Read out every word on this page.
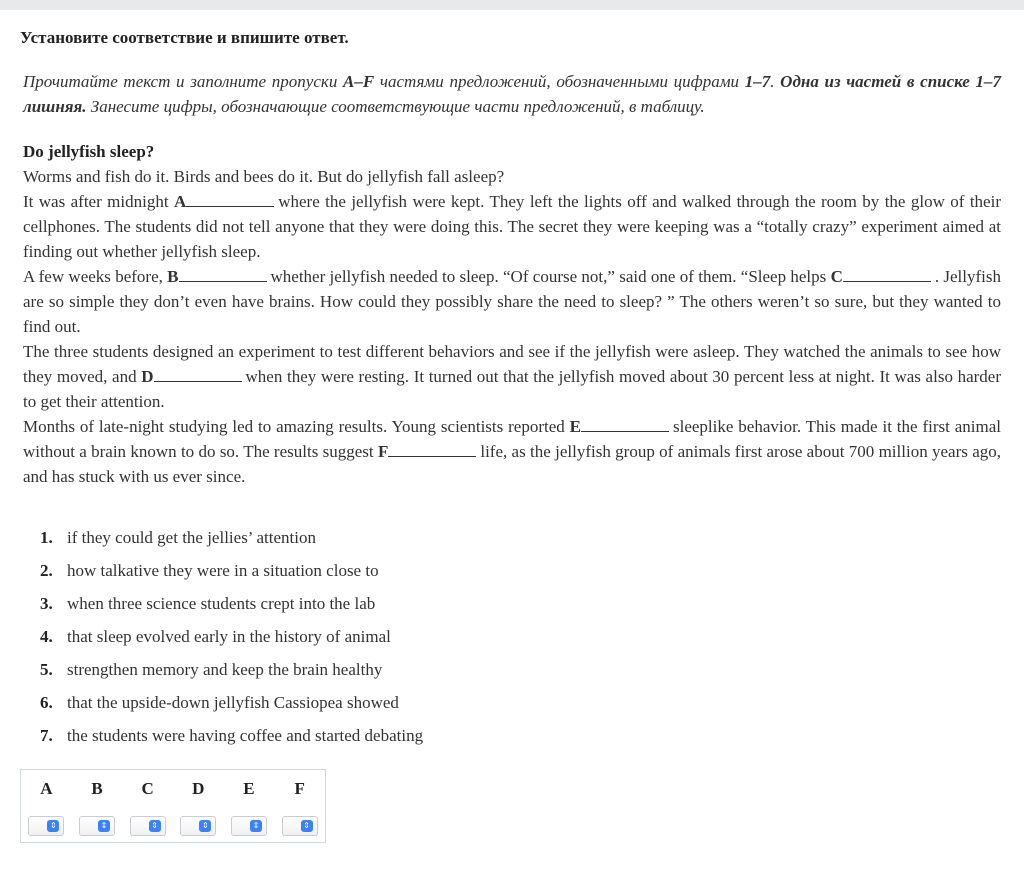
Установите соответствие и впишите ответ.
Прочитайте текст и заполните пропуски A–F частями предложений, обозначенными цифрами 1–7. Одна из частей в списке 1–7 лишняя. Занесите цифры, обозначающие соответствующие части предложений, в таблицу.

Do jellyfish sleep?

Worms and fish do it. Birds and bees do it. But do jellyfish fall asleep?

It was after midnight A	where the jellyfish were kept. They left the lights off and walked through the room by the glow of their cellphones. The students did not tell anyone that they were doing this. The secret they were keeping was a “totally crazy” experiment aimed at finding out whether jellyfish sleep.

A few weeks before, B	whether jellyfish needed to sleep. “Of course not,” said one of them. “Sleep helps C	. Jellyfish are so simple they don’t even have brains. How could they possibly share the need to sleep? ” The others weren’t so sure, but they wanted to find out.

The three students designed an experiment to test different behaviors and see if the jellyfish were asleep. They watched the animals to see how they moved, and D	when they were resting. It turned out that the jellyfish moved about 30 percent less at night. It was also harder to get their attention.

Months of late-night studying led to amazing results. Young scientists reported E	sleeplike behavior. This made it the first animal without a brain known to do so. The results suggest F	life, as the jellyfish group of animals first arose about 700 million years ago, and has stuck with us ever since.

1. if they could get the jellies’ attention
2. how talkative they were in a situation close to
3. when three science students crept into the lab
4. that sleep evolved early in the history of animal
5. strengthen memory and keep the brain healthy
6. that the upside-down jellyfish Cassiopea showed
7. the students were having coffee and started debating
A	B	C	D	E	F

⇕	⇕	⇕	⇕	⇕	⇕
